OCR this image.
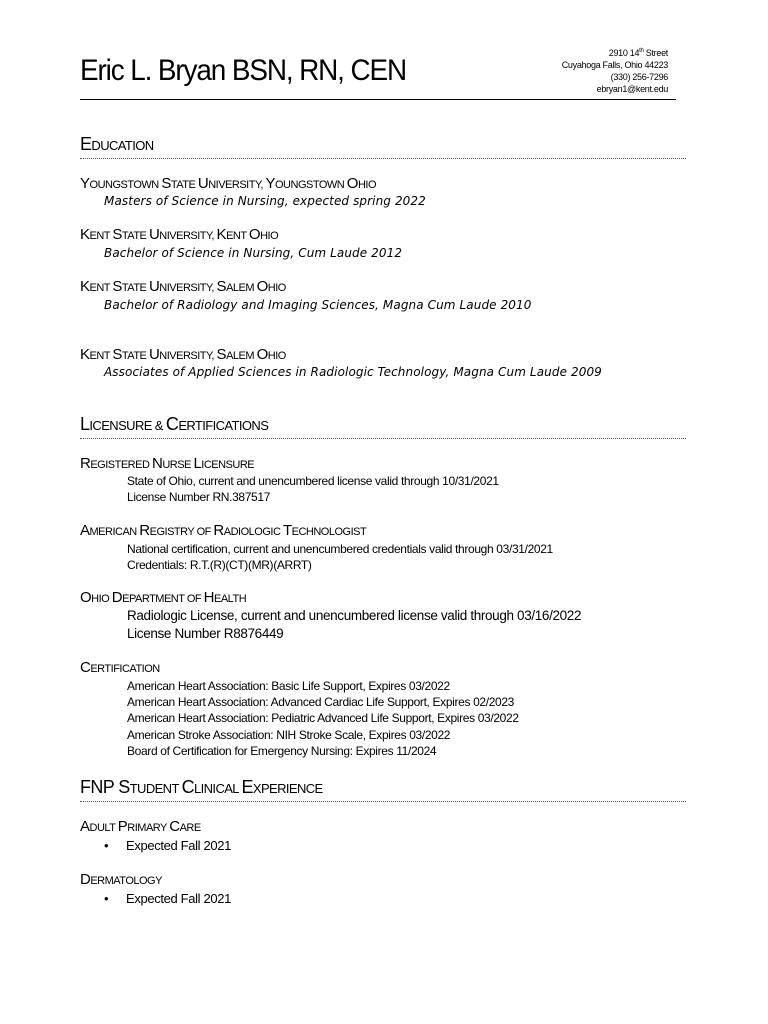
Eric L. Bryan BSN, RN, CEN
2910 14th Street
Cuyahoga Falls, Ohio 44223
(330) 256-7296
ebryan1@kent.edu
EDUCATION
YOUNGSTOWN STATE UNIVERSITY, YOUNGSTOWN OHIO
Masters of Science in Nursing, expected spring 2022
KENT STATE UNIVERSITY, KENT OHIO
Bachelor of Science in Nursing, Cum Laude 2012
KENT STATE UNIVERSITY, SALEM OHIO
Bachelor of Radiology and Imaging Sciences, Magna Cum Laude 2010
KENT STATE UNIVERSITY, SALEM OHIO
Associates of Applied Sciences in Radiologic Technology, Magna Cum Laude 2009
LICENSURE & CERTIFICATIONS
REGISTERED NURSE LICENSURE
State of Ohio, current and unencumbered license valid through 10/31/2021
License Number RN.387517
AMERICAN REGISTRY OF RADIOLOGIC TECHNOLOGIST
National certification, current and unencumbered credentials valid through 03/31/2021
Credentials: R.T.(R)(CT)(MR)(ARRT)
OHIO DEPARTMENT OF HEALTH
Radiologic License, current and unencumbered license valid through 03/16/2022
License Number R8876449
CERTIFICATION
American Heart Association: Basic Life Support, Expires 03/2022
American Heart Association: Advanced Cardiac Life Support, Expires 02/2023
American Heart Association: Pediatric Advanced Life Support, Expires 03/2022
American Stroke Association: NIH Stroke Scale, Expires 03/2022
Board of Certification for Emergency Nursing: Expires 11/2024
FNP STUDENT CLINICAL EXPERIENCE
ADULT PRIMARY CARE
• Expected Fall 2021
DERMATOLOGY
• Expected Fall 2021
